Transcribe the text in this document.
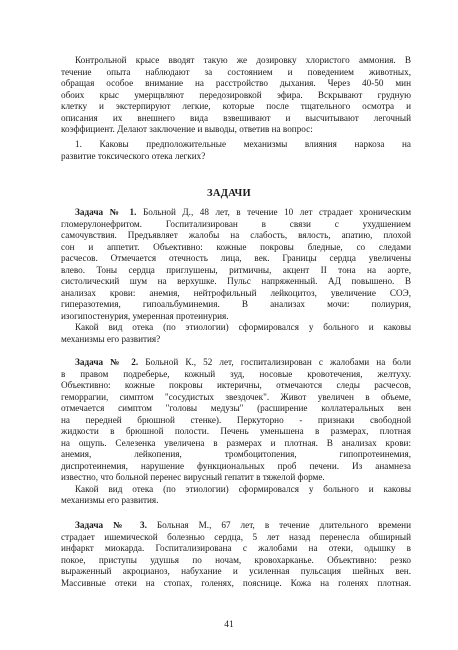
Контрольной крысе вводят такую же дозировку хлористого аммония. В
течение опыта наблюдают за состоянием и поведением животных,
обращая особое внимание на расстройство дыхания. Через 40-50 мин
обоих крыс умерщвляют передозировкой эфира. Вскрывают грудную
клетку и экстерпируют легкие, которые после тщательного осмотра и
описания их внешнего вида взвешивают и высчитывают легочный
коэффициент. Делают заключение и выводы, ответив на вопрос:
1. Каковы предположительные механизмы влияния наркоза на
развитие токсического отека легких?
ЗАДАЧИ
Задача № 1. Больной Д., 48 лет, в течение 10 лет страдает хроническим
гломерулонефритом. Госпитализирован в связи с ухудшением
самочувствия. Предъявляет жалобы на слабость, вялость, апатию, плохой
сон и аппетит. Объективно: кожные покровы бледные, со следами
расчесов. Отмечается отечность лица, век. Границы сердца увеличены
влево. Тоны сердца приглушены, ритмичны, акцент II тона на аорте,
систолический шум на верхушке. Пульс напряженный. АД повышено. В
анализах крови: анемия, нейтрофильный лейкоцитоз, увеличение СОЭ,
гиперазотемия, гипоальбуминемия. В анализах мочи: полиурия,
изогипостенурия, умеренная протеинурия.
Какой вид отека (по этиологии) сформировался у больного и каковы
механизмы его развития?
Задача № 2. Больной К., 52 лет, госпитализирован с жалобами на боли
в правом подреберье, кожный зуд, носовые кровотечения, желтуху.
Объективно: кожные покровы иктеричны, отмечаются следы расчесов,
геморрагии, симптом "сосудистых звездочек". Живот увеличен в объеме,
отмечается симптом "головы медузы" (расширение коллатеральных вен
на передней брюшной стенке). Перкуторно - признаки свободной
жидкости в брюшной полости. Печень уменьшена в размерах, плотная
на ощупь. Селезенка увеличена в размерах и плотная. В анализах крови:
анемия, лейкопения, тромбоцитопения, гипопротеинемия,
диспротеинемия, нарушение функциональных проб печени. Из анамнеза
известно, что больной перенес вирусный гепатит в тяжелой форме.
Какой вид отека (по этиологии) сформировался у больного и каковы
механизмы его развития.
Задача № 3. Больная М., 67 лет, в течение длительного времени
страдает ишемической болезнью сердца, 5 лет назад перенесла обширный
инфаркт миокарда. Госпитализирована с жалобами на отеки, одышку в
покое, приступы удушья по ночам, кровохарканье. Объективно: резко
выраженный акроцианоз, набухание и усиленная пульсация шейных вен.
Массивные отеки на стопах, голенях, пояснице. Кожа на голенях плотная.
41
